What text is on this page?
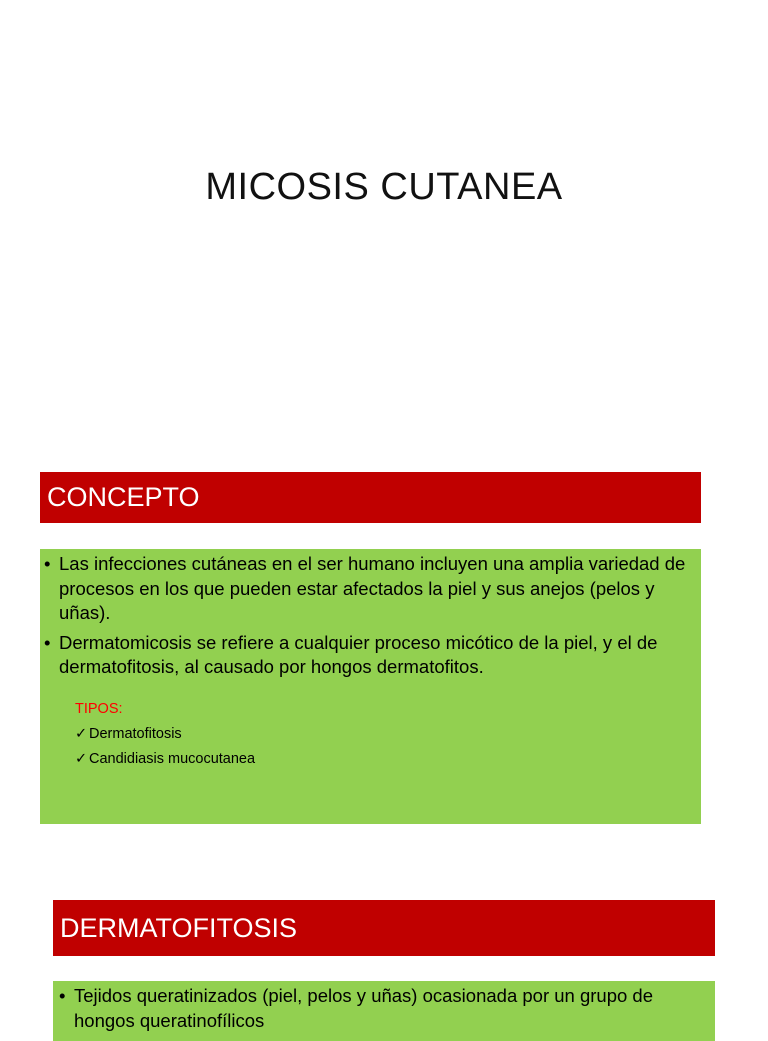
MICOSIS CUTANEA
CONCEPTO
• Las infecciones cutáneas en el ser humano incluyen una amplia variedad de procesos en los que pueden estar afectados la piel y sus anejos (pelos y uñas).
• Dermatomicosis se refiere a cualquier proceso micótico de la piel, y el de dermatofitosis, al causado por hongos dermatofitos.
TIPOS:
✓ Dermatofitosis
✓ Candidiasis mucocutanea
DERMATOFITOSIS
• Tejidos queratinizados (piel, pelos y uñas) ocasionada por un grupo de hongos queratinofílicos
